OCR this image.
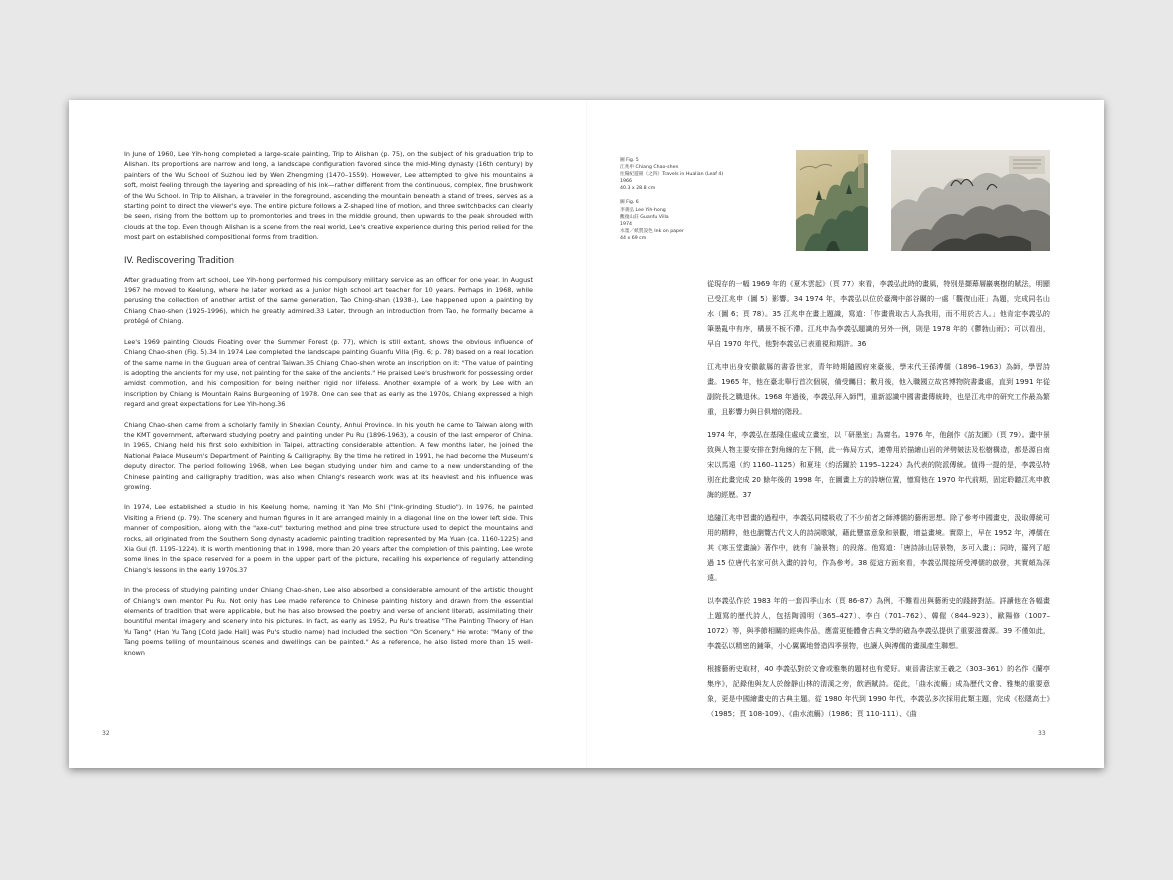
In June of 1960, Lee Yih-hong completed a large-scale painting, Trip to Alishan (p. 75), on the subject of his graduation trip to Alishan. Its proportions are narrow and long, a landscape configuration favored since the mid-Ming dynasty (16th century) by painters of the Wu School of Suzhou led by Wen Zhengming (1470–1559). However, Lee attempted to give his mountains a soft, moist feeling through the layering and spreading of his ink—rather different from the continuous, complex, fine brushwork of the Wu School. In Trip to Alishan, a traveler in the foreground, ascending the mountain beneath a stand of trees, serves as a starting point to direct the viewer's eye. The entire picture follows a Z-shaped line of motion, and three switchbacks can clearly be seen, rising from the bottom up to promontories and trees in the middle ground, then upwards to the peak shrouded with clouds at the top. Even though Alishan is a scene from the real world, Lee's creative experience during this period relied for the most part on established compositional forms from tradition.

IV. Rediscovering Tradition

After graduating from art school, Lee Yih-hong performed his compulsory military service as an officer for one year. In August 1967 he moved to Keelung, where he later worked as a junior high school art teacher for 10 years. Perhaps in 1968, while perusing the collection of another artist of the same generation, Tao Ching-shan (1938-), Lee happened upon a painting by Chiang Chao-shen (1925-1996), which he greatly admired.33 Later, through an introduction from Tao, he formally became a protégé of Chiang.

Lee's 1969 painting Clouds Floating over the Summer Forest (p. 77), which is still extant, shows the obvious influence of Chiang Chao-shen (Fig. 5).34 In 1974 Lee completed the landscape painting Guanfu Villa (Fig. 6; p. 78) based on a real location of the same name in the Guguan area of central Taiwan.35 Chiang Chao-shen wrote an inscription on it: "The value of painting is adopting the ancients for my use, not painting for the sake of the ancients." He praised Lee's brushwork for possessing order amidst commotion, and his composition for being neither rigid nor lifeless. Another example of a work by Lee with an inscription by Chiang is Mountain Rains Burgeoning of 1978. One can see that as early as the 1970s, Chiang expressed a high regard and great expectations for Lee Yih-hong.36

Chiang Chao-shen came from a scholarly family in Shexian County, Anhui Province. In his youth he came to Taiwan along with the KMT government, afterward studying poetry and painting under Pu Ru (1896-1963), a cousin of the last emperor of China. In 1965, Chiang held his first solo exhibition in Taipei, attracting considerable attention. A few months later, he joined the National Palace Museum's Department of Painting & Calligraphy. By the time he retired in 1991, he had become the Museum's deputy director. The period following 1968, when Lee began studying under him and came to a new understanding of the Chinese painting and calligraphy tradition, was also when Chiang's research work was at its heaviest and his influence was growing.

In 1974, Lee established a studio in his Keelung home, naming it Yan Mo Shi ("Ink-grinding Studio"). In 1976, he painted Visiting a Friend (p. 79). The scenery and human figures in it are arranged mainly in a diagonal line on the lower left side. This manner of composition, along with the "axe-cut" texturing method and pine tree structure used to depict the mountains and rocks, all originated from the Southern Song dynasty academic painting tradition represented by Ma Yuan (ca. 1160-1225) and Xia Gui (fl. 1195-1224). It is worth mentioning that in 1998, more than 20 years after the completion of this painting, Lee wrote some lines in the space reserved for a poem in the upper part of the picture, recalling his experience of regularly attending Chiang's lessons in the early 1970s.37

In the process of studying painting under Chiang Chao-shen, Lee also absorbed a considerable amount of the artistic thought of Chiang's own mentor Pu Ru. Not only has Lee made reference to Chinese painting history and drawn from the essential elements of tradition that were applicable, but he has also browsed the poetry and verse of ancient literati, assimilating their bountiful mental imagery and scenery into his pictures. In fact, as early as 1952, Pu Ru's treatise "The Painting Theory of Han Yu Tang" (Han Yu Tang [Cold Jade Hall] was Pu's studio name) had included the section "On Scenery." He wrote: "Many of the Tang poems telling of mountainous scenes and dwellings can be painted." As a reference, he also listed more than 15 well-known

32
圖 Fig. 5
江兆申 Chiang Chao-shen
往陽紀遊冊（之四）Travels in Hualian (Leaf 4)
1966
40.3 x 28.8 cm
圖 Fig. 6
李義弘 Lee Yih-hong
觀復山莊 Guanfu Villa
1974
水墨／紙質設色 Ink on paper
44 x 69 cm

從現存的一幅 1969 年的《夏木雲起》（頁 77）來看，李義弘此時的畫風，特別是擷幕層巖裏樹的賦法，明顯已受江兆申（圖 5）影響。34 1974 年，李義弘以位於臺灣中部谷關的一處「觀復山莊」為題，完成同名山水（圖 6；頁 78）。35 江兆申在畫上題識，寫道：「作畫貴取古人為我用，而不用於古人。」他肯定李義弘的筆墨亂中有序，構景不板不滯。江兆申為李義弘題識的另外一例，則是 1978 年的《鬱勃山雨》；可以看出，早自 1970 年代，他對李義弘已表重視和期許。36

江兆申出身安徽歙縣的書香世家，青年時期隨國府來臺後，學末代王孫溥儒（1896–1963）為師，學習詩畫。1965 年，他在臺北舉行首次個展，備受矚目；數月後，他入職國立故宮博物院書畫處，直到 1991 年從副院長之職退休。1968 年過後，李義弘拜入師門，重新認識中國書畫傳統時，也是江兆申的研究工作最為繁重，且影響力與日俱增的階段。

1974 年，李義弘在基隆住處成立畫室，以「研墨室」為齋名。1976 年，他創作《訪友圖》（頁 79）。畫中景致與人物主要安排在對角線的左下側，此一佈局方式，連帶用於描繪山岩的斧劈皴法及松樹構造，都是源自南宋以馬遠（約 1160–1125）和夏珪（約活躍於 1195–1224）為代表的院派傳統。值得一提的是，李義弘特別在此畫完成 20 餘年後的 1998 年，在圖畫上方的詩塘位置，憶寫他在 1970 年代前期，固定聆聽江兆申教誨的經歷。37

追隨江兆申習畫的過程中，李義弘同樣吸收了不少前者之師溥儒的藝術思想。除了參考中國畫史，汲取傳統可用的精粹，他也瀏覽古代文人的詩詞歌賦，藉此豐富意象和景觀，增益畫境。實際上，早在 1952 年，溥儒在其《寒玉堂畫論》著作中，就有「論景物」的段落。他寫道：「唐詩詠山居景物，多可入畫」；同時，羅列了超過 15 位唐代名家可供入畫的詩句，作為參考。38 從這方面來看，李義弘間接所受溥儒的啟發，其實頗為深遠。

以李義弘作於 1983 年的一套四季山水（頁 86-87）為例，不難看出與藝術史的踐跡對話。詳讀他在各幅畫上題寫的歷代詩人，包括陶淵明（365–427）、李白（701–762）、韓偓（844–923）、歐陽修（1007–1072）等，與季節相關的經典作品，應當更能體會古典文學的確為李義弘提供了重要滋養源。39 不僅如此，李義弘以精密的鋪筆，小心翼翼地營造四季景物，也讓人與溥儒的畫風產生聯想。

根據藝術史取材，40 李義弘對於文會或雅集的題材也有愛好。東晉書法家王羲之（303–361）的名作《蘭亭集序》，記錄他與友人於餘靜山林的清溪之旁，飲酒賦詩。從此，「曲水流觴」成為歷代文會、雅集的重要意象，更是中國繪畫史的古典主題。從 1980 年代到 1990 年代，李義弘多次採用此類主題，完成《松隱高士》（1985；頁 108-109）、《曲水流觴》（1986；頁 110-111）、《曲

33
